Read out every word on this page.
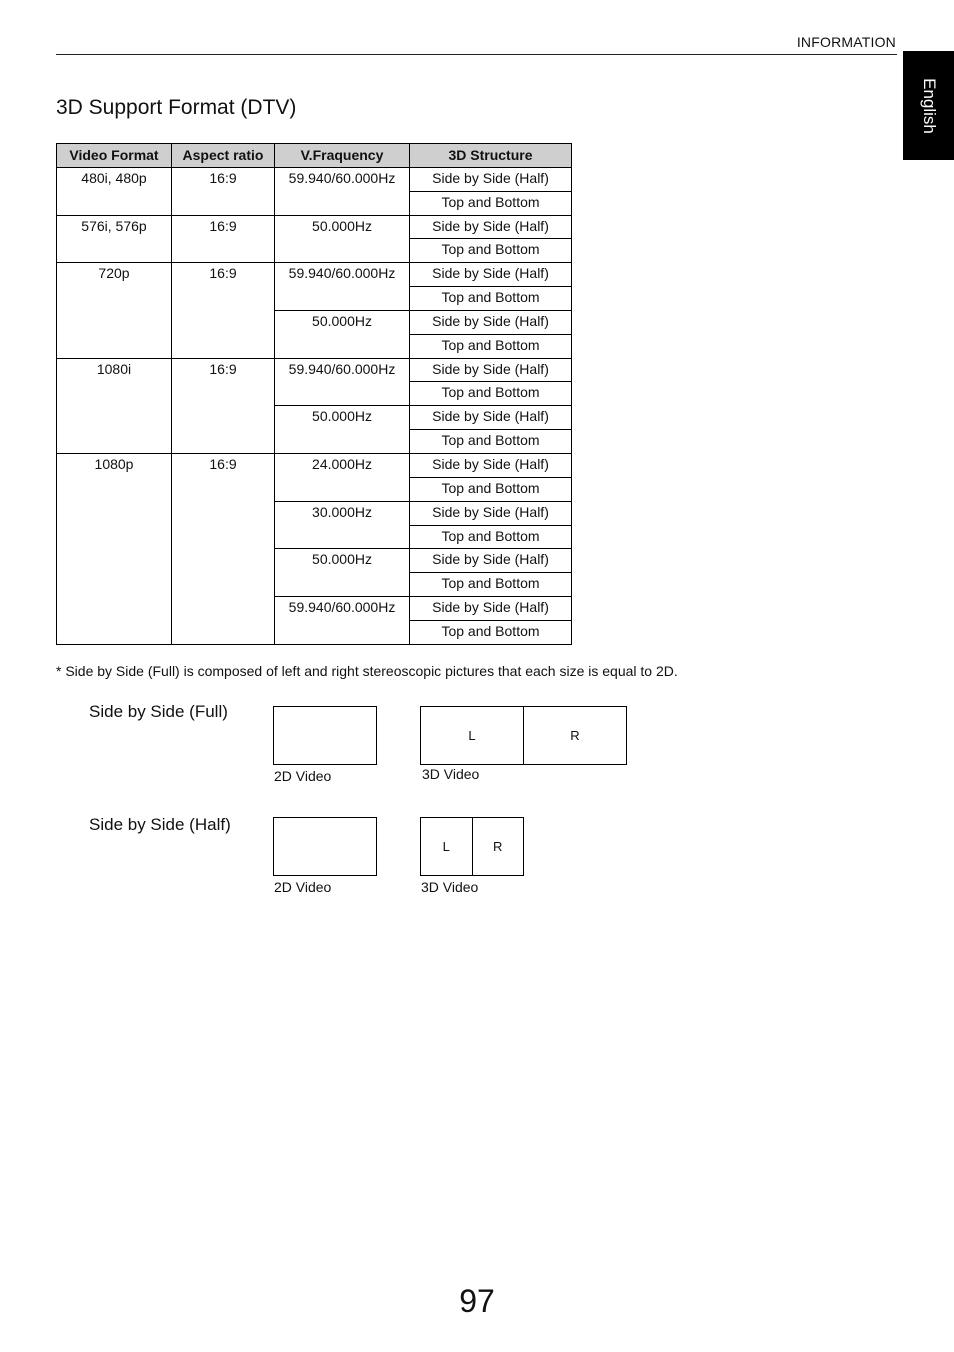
INFORMATION
English
3D Support Format (DTV)
Video Format	Aspect ratio	V.Fraquency	3D Structure
480i, 480p	16:9	59.940/60.000Hz	Side by Side (Half)
			Top and Bottom
576i, 576p	16:9	50.000Hz	Side by Side (Half)
			Top and Bottom
720p	16:9	59.940/60.000Hz	Side by Side (Half)
			Top and Bottom
		50.000Hz	Side by Side (Half)
			Top and Bottom
1080i	16:9	59.940/60.000Hz	Side by Side (Half)
			Top and Bottom
		50.000Hz	Side by Side (Half)
			Top and Bottom
1080p	16:9	24.000Hz	Side by Side (Half)
			Top and Bottom
		30.000Hz	Side by Side (Half)
			Top and Bottom
		50.000Hz	Side by Side (Half)
			Top and Bottom
		59.940/60.000Hz	Side by Side (Half)
			Top and Bottom
* Side by Side (Full) is composed of left and right stereoscopic pictures that each size is equal to 2D.
Side by Side (Full)
2D Video
L	R
3D Video
Side by Side (Half)
2D Video
L	R
3D Video
97
